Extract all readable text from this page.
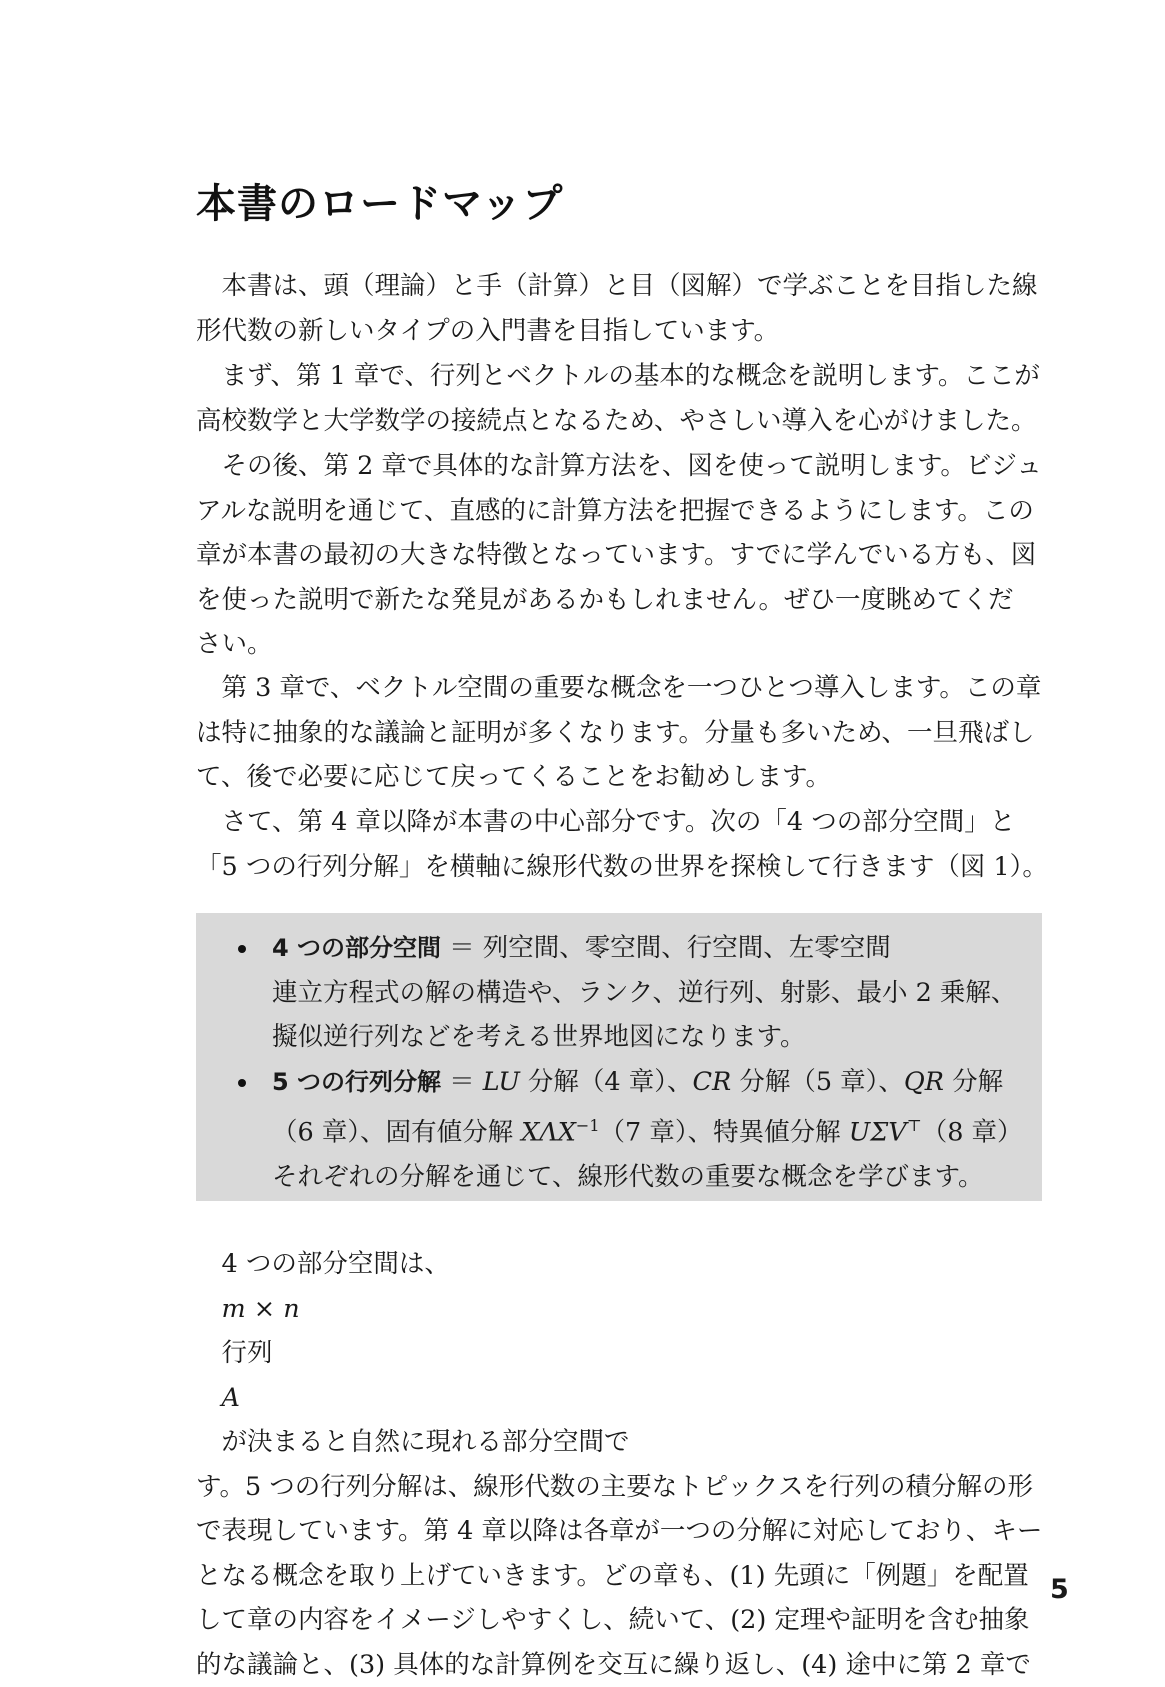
本書のロードマップ

本書は、頭（理論）と手（計算）と目（図解）で学ぶことを目指した線
形代数の新しいタイプの入門書を目指しています。

まず、第 1 章で、行列とベクトルの基本的な概念を説明します。ここが
高校数学と大学数学の接続点となるため、やさしい導入を心がけました。

その後、第 2 章で具体的な計算方法を、図を使って説明します。ビジュ
アルな説明を通じて、直感的に計算方法を把握できるようにします。この
章が本書の最初の大きな特徴となっています。すでに学んでいる方も、図
を使った説明で新たな発見があるかもしれません。ぜひ一度眺めてくだ
さい。

第 3 章で、ベクトル空間の重要な概念を一つひとつ導入します。この章
は特に抽象的な議論と証明が多くなります。分量も多いため、一旦飛ばし
て、後で必要に応じて戻ってくることをお勧めします。

さて、第 4 章以降が本書の中心部分です。次の「4 つの部分空間」と
「5 つの行列分解」を横軸に線形代数の世界を探検して行きます（図 1）。

4 つの部分空間 ＝ 列空間、零空間、行空間、左零空間
連立方程式の解の構造や、ランク、逆行列、射影、最小 2 乗解、
擬似逆行列などを考える世界地図になります。
5 つの行列分解 ＝ LU 分解（4 章）、CR 分解（5 章）、QR 分解
（6 章）、固有値分解 $X\Lambda X^{-1}(7$ 章）、特異値分解 UΣV⊤（8 章）
それぞれの分解を通じて、線形代数の重要な概念を学びます。

4 つの部分空間は、
m × n
行列
A
が決まると自然に現れる部分空間で
す。5 つの行列分解は、線形代数の主要なトピックスを行列の積分解の形
で表現しています。第 4 章以降は各章が一つの分解に対応しており、キー
となる概念を取り上げていきます。どの章も、(1) 先頭に「例題」を配置
して章の内容をイメージしやすくし、続いて、(2) 定理や証明を含む抽象
的な議論と、(3) 具体的な計算例を交互に繰り返し、(4) 途中に第 2 章で

5
